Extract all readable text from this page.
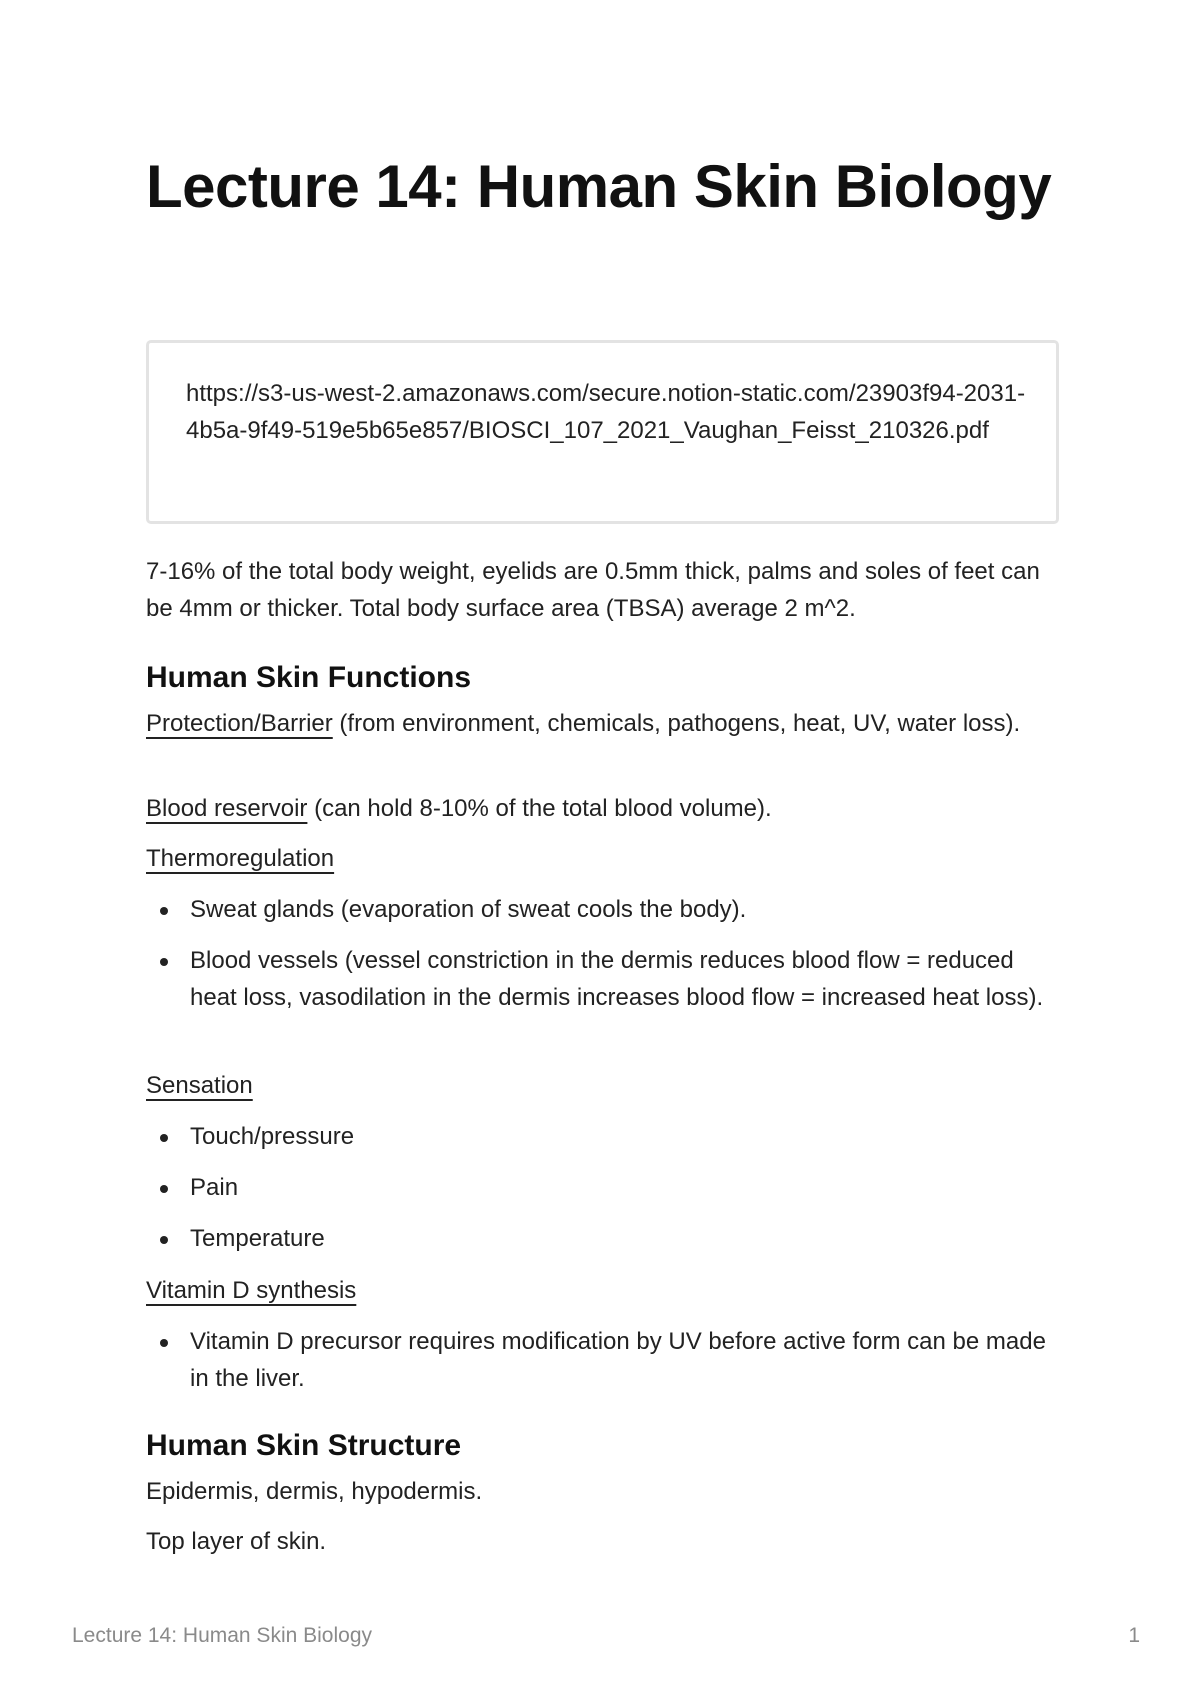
Lecture 14: Human Skin Biology
https://s3-us-west-2.amazonaws.com/secure.notion-static.com/23903f94-2031-4b5a-9f49-519e5b65e857/BIOSCI_107_2021_Vaughan_Feisst_210326.pdf

7-16% of the total body weight, eyelids are 0.5mm thick, palms and soles of feet can be 4mm or thicker. Total body surface area (TBSA) average 2 m^2.

Human Skin Functions

Protection/Barrier (from environment, chemicals, pathogens, heat, UV, water loss).

Blood reservoir (can hold 8-10% of the total blood volume).

Thermoregulation

Sweat glands (evaporation of sweat cools the body).
Blood vessels (vessel constriction in the dermis reduces blood flow = reduced heat loss, vasodilation in the dermis increases blood flow = increased heat loss).

Sensation

Touch/pressure
Pain
Temperature

Vitamin D synthesis

Vitamin D precursor requires modification by UV before active form can be made in the liver.
Human Skin Structure

Epidermis, dermis, hypodermis.

Top layer of skin.

Lecture 14: Human Skin Biology	1
